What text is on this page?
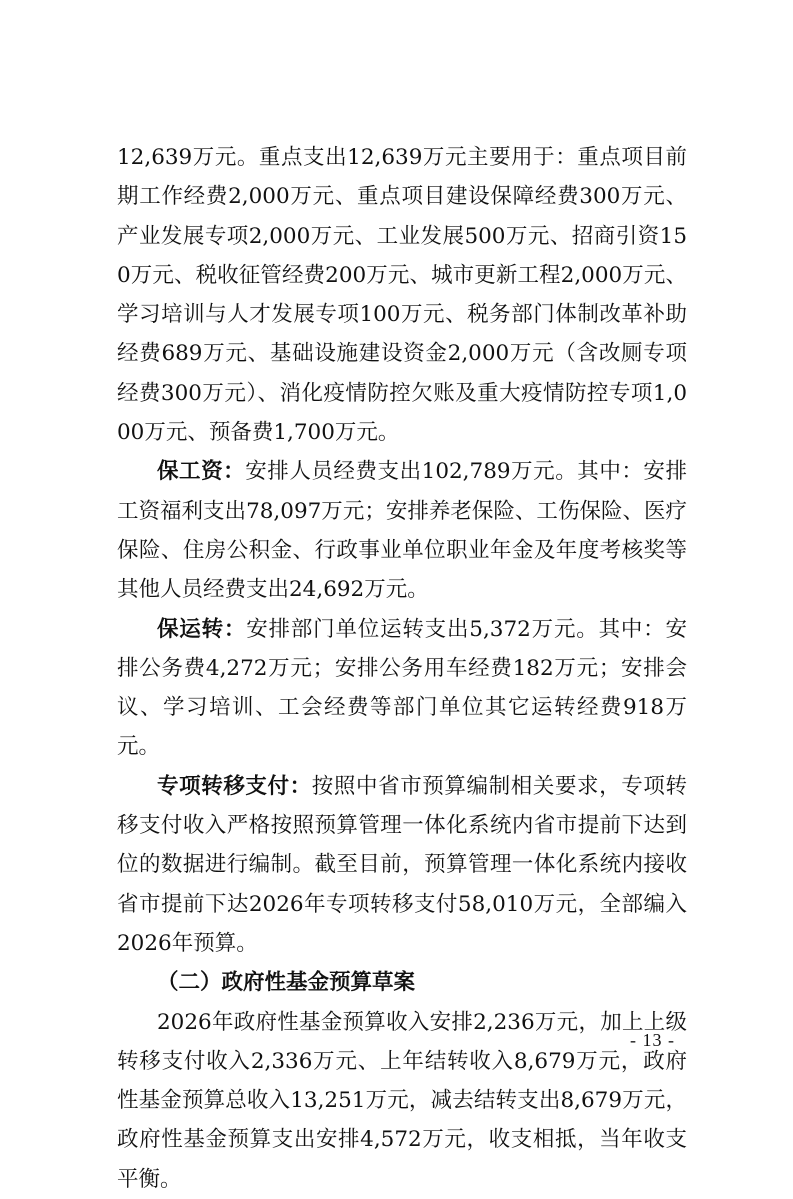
12,639万元。重点支出12,639万元主要用于：重点项目前期工作经费2,000万元、重点项目建设保障经费300万元、产业发展专项2,000万元、工业发展500万元、招商引资150万元、税收征管经费200万元、城市更新工程2,000万元、学习培训与人才发展专项100万元、税务部门体制改革补助经费689万元、基础设施建设资金2,000万元（含改厕专项经费300万元）、消化疫情防控欠账及重大疫情防控专项1,000万元、预备费1,700万元。

保工资：安排人员经费支出102,789万元。其中：安排工资福利支出78,097万元；安排养老保险、工伤保险、医疗保险、住房公积金、行政事业单位职业年金及年度考核奖等其他人员经费支出24,692万元。

保运转：安排部门单位运转支出5,372万元。其中：安排公务费4,272万元；安排公务用车经费182万元；安排会议、学习培训、工会经费等部门单位其它运转经费918万元。

专项转移支付：按照中省市预算编制相关要求，专项转移支付收入严格按照预算管理一体化系统内省市提前下达到位的数据进行编制。截至目前，预算管理一体化系统内接收省市提前下达2026年专项转移支付58,010万元，全部编入2026年预算。

（二）政府性基金预算草案

2026年政府性基金预算收入安排2,236万元，加上上级转移支付收入2,336万元、上年结转收入8,679万元，政府性基金预算总收入13,251万元，减去结转支出8,679万元，政府性基金预算支出安排4,572万元，收支相抵，当年收支平衡。

- 13 -
